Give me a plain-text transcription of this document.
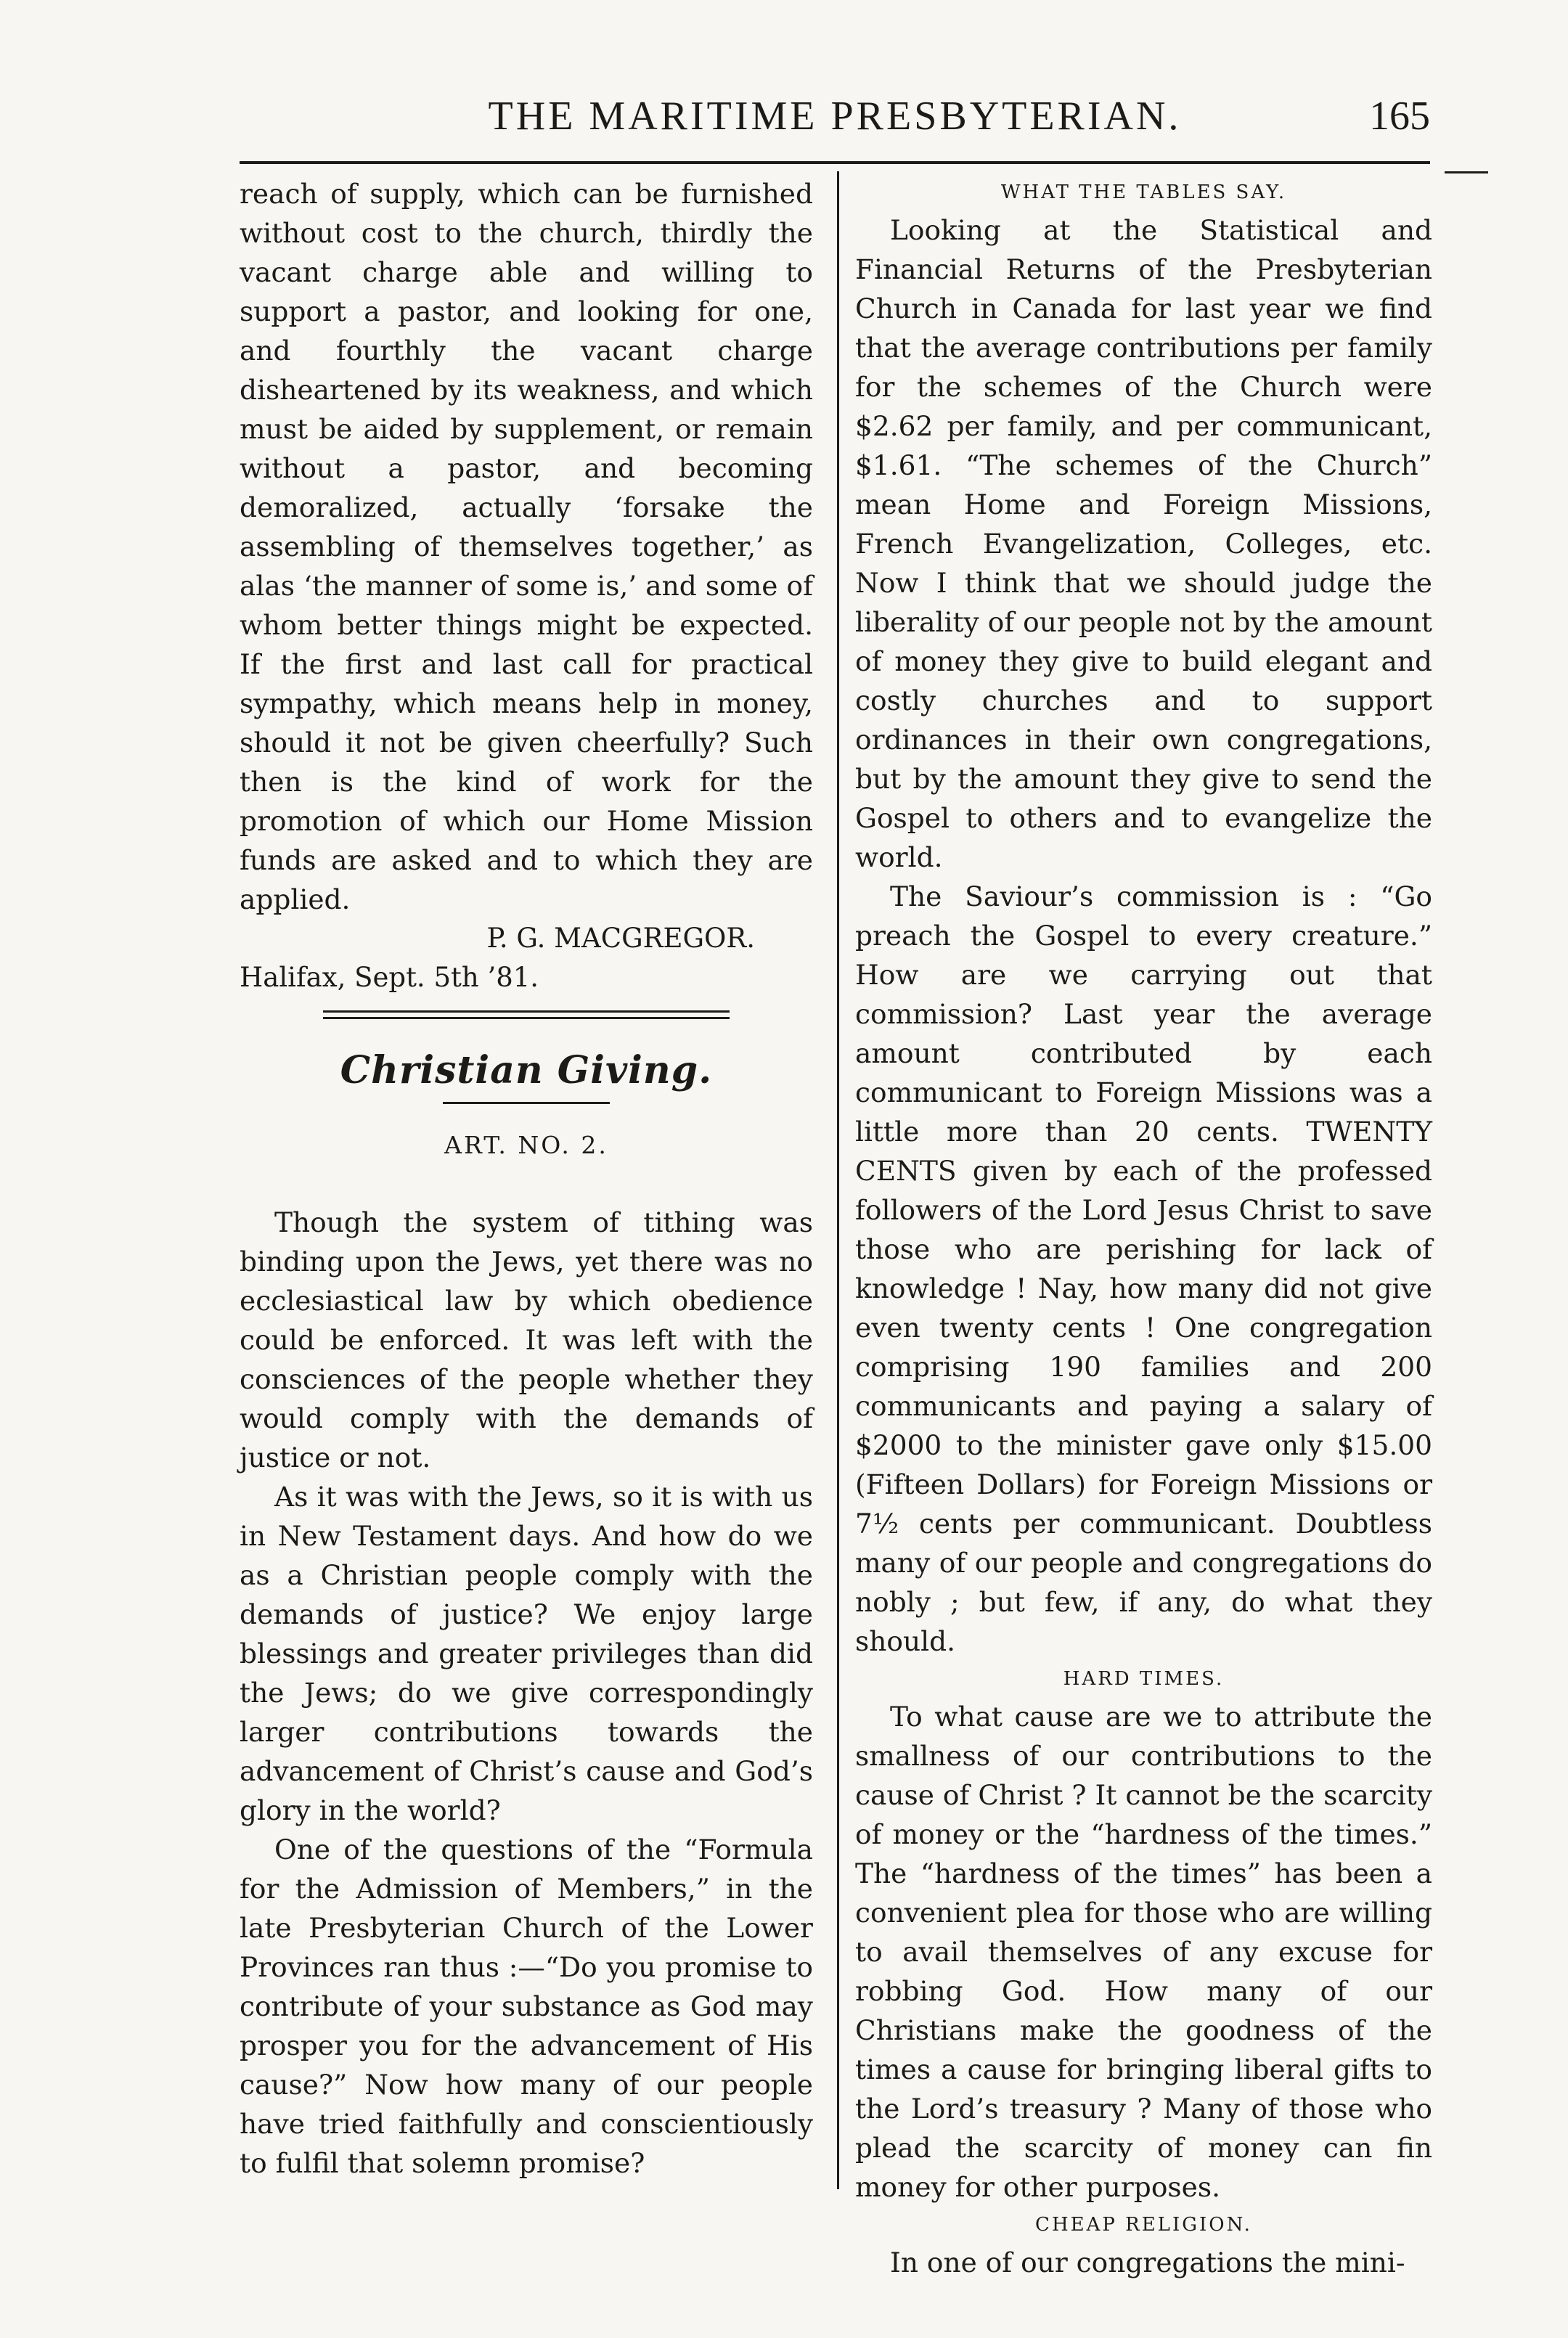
THE MARITIME PRESBYTERIAN.	165

reach of supply, which can be furnished without cost to the church, thirdly the vacant charge able and willing to support a pastor, and looking for one, and fourthly the vacant charge disheartened by its weakness, and which must be aided by supplement, or remain without a pastor, and becoming demoralized, actually ‘forsake the assembling of themselves together,’ as alas ‘the manner of some is,’ and some of whom better things might be expected. If the first and last call for practical sympathy, which means help in money, should it not be given cheerfully? Such then is the kind of work for the promotion of which our Home Mission funds are asked and to which they are applied.

P. G. MACGREGOR.

Halifax, Sept. 5th ’81.

Christian Giving.
ART. NO. 2.

Though the system of tithing was binding upon the Jews, yet there was no ecclesiastical law by which obedience could be enforced. It was left with the consciences of the people whether they would comply with the demands of justice or not.

As it was with the Jews, so it is with us in New Testament days. And how do we as a Christian people comply with the demands of justice? We enjoy large blessings and greater privileges than did the Jews; do we give correspondingly larger contributions towards the advancement of Christ’s cause and God’s glory in the world?

One of the questions of the “Formula for the Admission of Members,” in the late Presbyterian Church of the Lower Provinces ran thus :—“Do you promise to contribute of your substance as God may prosper you for the advancement of His cause?” Now how many of our people have tried faithfully and conscientiously to fulfil that solemn promise?

WHAT THE TABLES SAY.

Looking at the Statistical and Financial Returns of the Presbyterian Church in Canada for last year we find that the average contributions per family for the schemes of the Church were $2.62 per family, and per communicant, $1.61. “The schemes of the Church” mean Home and Foreign Missions, French Evangelization, Colleges, etc. Now I think that we should judge the liberality of our people not by the amount of money they give to build elegant and costly churches and to support ordinances in their own congregations, but by the amount they give to send the Gospel to others and to evangelize the world.

The Saviour’s commission is : “Go preach the Gospel to every creature.” How are we carrying out that commission? Last year the average amount contributed by each communicant to Foreign Missions was a little more than 20 cents. TWENTY CENTS given by each of the professed followers of the Lord Jesus Christ to save those who are perishing for lack of knowledge ! Nay, how many did not give even twenty cents ! One congregation comprising 190 families and 200 communicants and paying a salary of $2000 to the minister gave only $15.00 (Fifteen Dollars) for Foreign Missions or 7½ cents per communicant. Doubtless many of our people and congregations do nobly ; but few, if any, do what they should.

HARD TIMES.

To what cause are we to attribute the smallness of our contributions to the cause of Christ ? It cannot be the scarcity of money or the “hardness of the times.” The “hardness of the times” has been a convenient plea for those who are willing to avail themselves of any excuse for robbing God. How many of our Christians make the goodness of the times a cause for bringing liberal gifts to the Lord’s treasury ? Many of those who plead the scarcity of money can fin money for other purposes.

CHEAP RELIGION.

In one of our congregations the mini-
